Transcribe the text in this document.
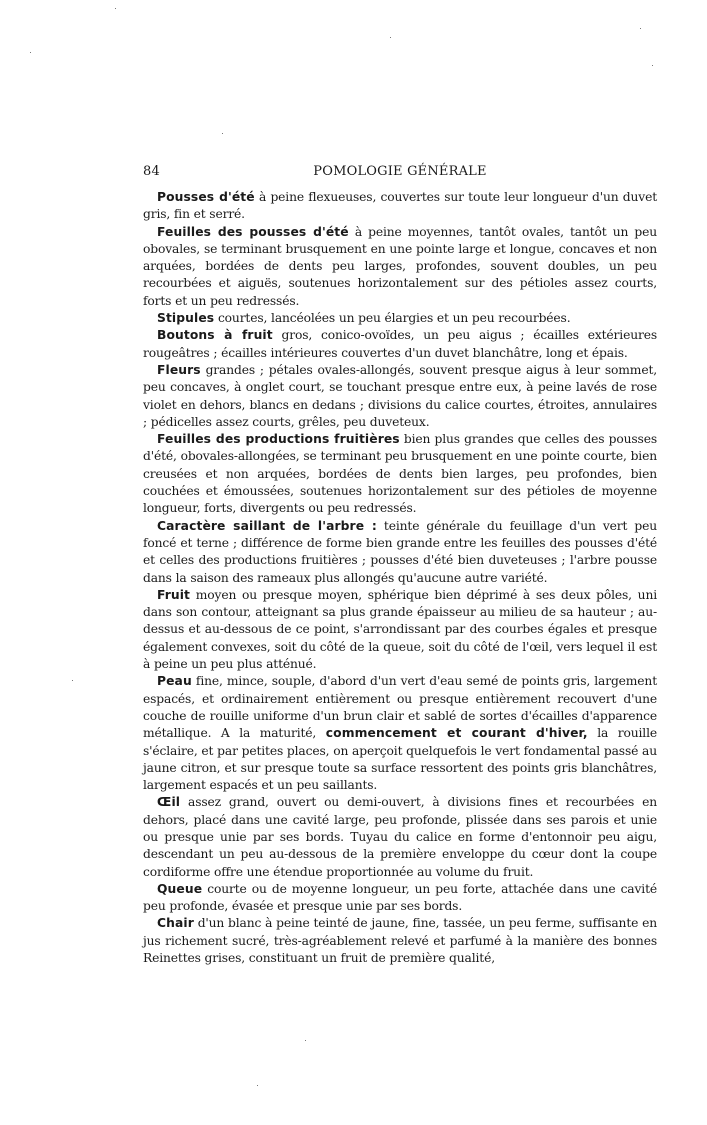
POMOLOGIE GÉNÉRALE
84

Pousses d'été à peine flexueuses, couvertes sur toute leur longueur d'un duvet gris, fin et serré.

Feuilles des pousses d'été à peine moyennes, tantôt ovales, tantôt un peu obovales, se terminant brusquement en une pointe large et longue, concaves et non arquées, bordées de dents peu larges, profondes, souvent doubles, un peu recourbées et aiguës, soutenues horizontalement sur des pétioles assez courts, forts et un peu redressés.

Stipules courtes, lancéolées un peu élargies et un peu recourbées.

Boutons à fruit gros, conico-ovoïdes, un peu aigus ; écailles extérieures rougeâtres ; écailles intérieures couvertes d'un duvet blanchâtre, long et épais.

Fleurs grandes ; pétales ovales-allongés, souvent presque aigus à leur sommet, peu concaves, à onglet court, se touchant presque entre eux, à peine lavés de rose violet en dehors, blancs en dedans ; divisions du calice courtes, étroites, annulaires ; pédicelles assez courts, grêles, peu duveteux.

Feuilles des productions fruitières bien plus grandes que celles des pousses d'été, obovales-allongées, se terminant peu brusquement en une pointe courte, bien creusées et non arquées, bordées de dents bien larges, peu profondes, bien couchées et émoussées, soutenues horizontalement sur des pétioles de moyenne longueur, forts, divergents ou peu redressés.

Caractère saillant de l'arbre : teinte générale du feuillage d'un vert peu foncé et terne ; différence de forme bien grande entre les feuilles des pousses d'été et celles des productions fruitières ; pousses d'été bien duveteuses ; l'arbre pousse dans la saison des rameaux plus allongés qu'aucune autre variété.

Fruit moyen ou presque moyen, sphérique bien déprimé à ses deux pôles, uni dans son contour, atteignant sa plus grande épaisseur au milieu de sa hauteur ; au-dessus et au-dessous de ce point, s'arrondissant par des courbes égales et presque également convexes, soit du côté de la queue, soit du côté de l'œil, vers lequel il est à peine un peu plus atténué.

Peau fine, mince, souple, d'abord d'un vert d'eau semé de points gris, largement espacés, et ordinairement entièrement ou presque entièrement recouvert d'une couche de rouille uniforme d'un brun clair et sablé de sortes d'écailles d'apparence métallique. A la maturité, commencement et courant d'hiver, la rouille s'éclaire, et par petites places, on aperçoit quelquefois le vert fondamental passé au jaune citron, et sur presque toute sa surface ressortent des points gris blanchâtres, largement espacés et un peu saillants.

Œil assez grand, ouvert ou demi-ouvert, à divisions fines et recourbées en dehors, placé dans une cavité large, peu profonde, plissée dans ses parois et unie ou presque unie par ses bords. Tuyau du calice en forme d'entonnoir peu aigu, descendant un peu au-dessous de la première enveloppe du cœur dont la coupe cordiforme offre une étendue proportionnée au volume du fruit.

Queue courte ou de moyenne longueur, un peu forte, attachée dans une cavité peu profonde, évasée et presque unie par ses bords.

Chair d'un blanc à peine teinté de jaune, fine, tassée, un peu ferme, suffisante en jus richement sucré, très-agréablement relevé et parfumé à la manière des bonnes Reinettes grises, constituant un fruit de première qualité,
